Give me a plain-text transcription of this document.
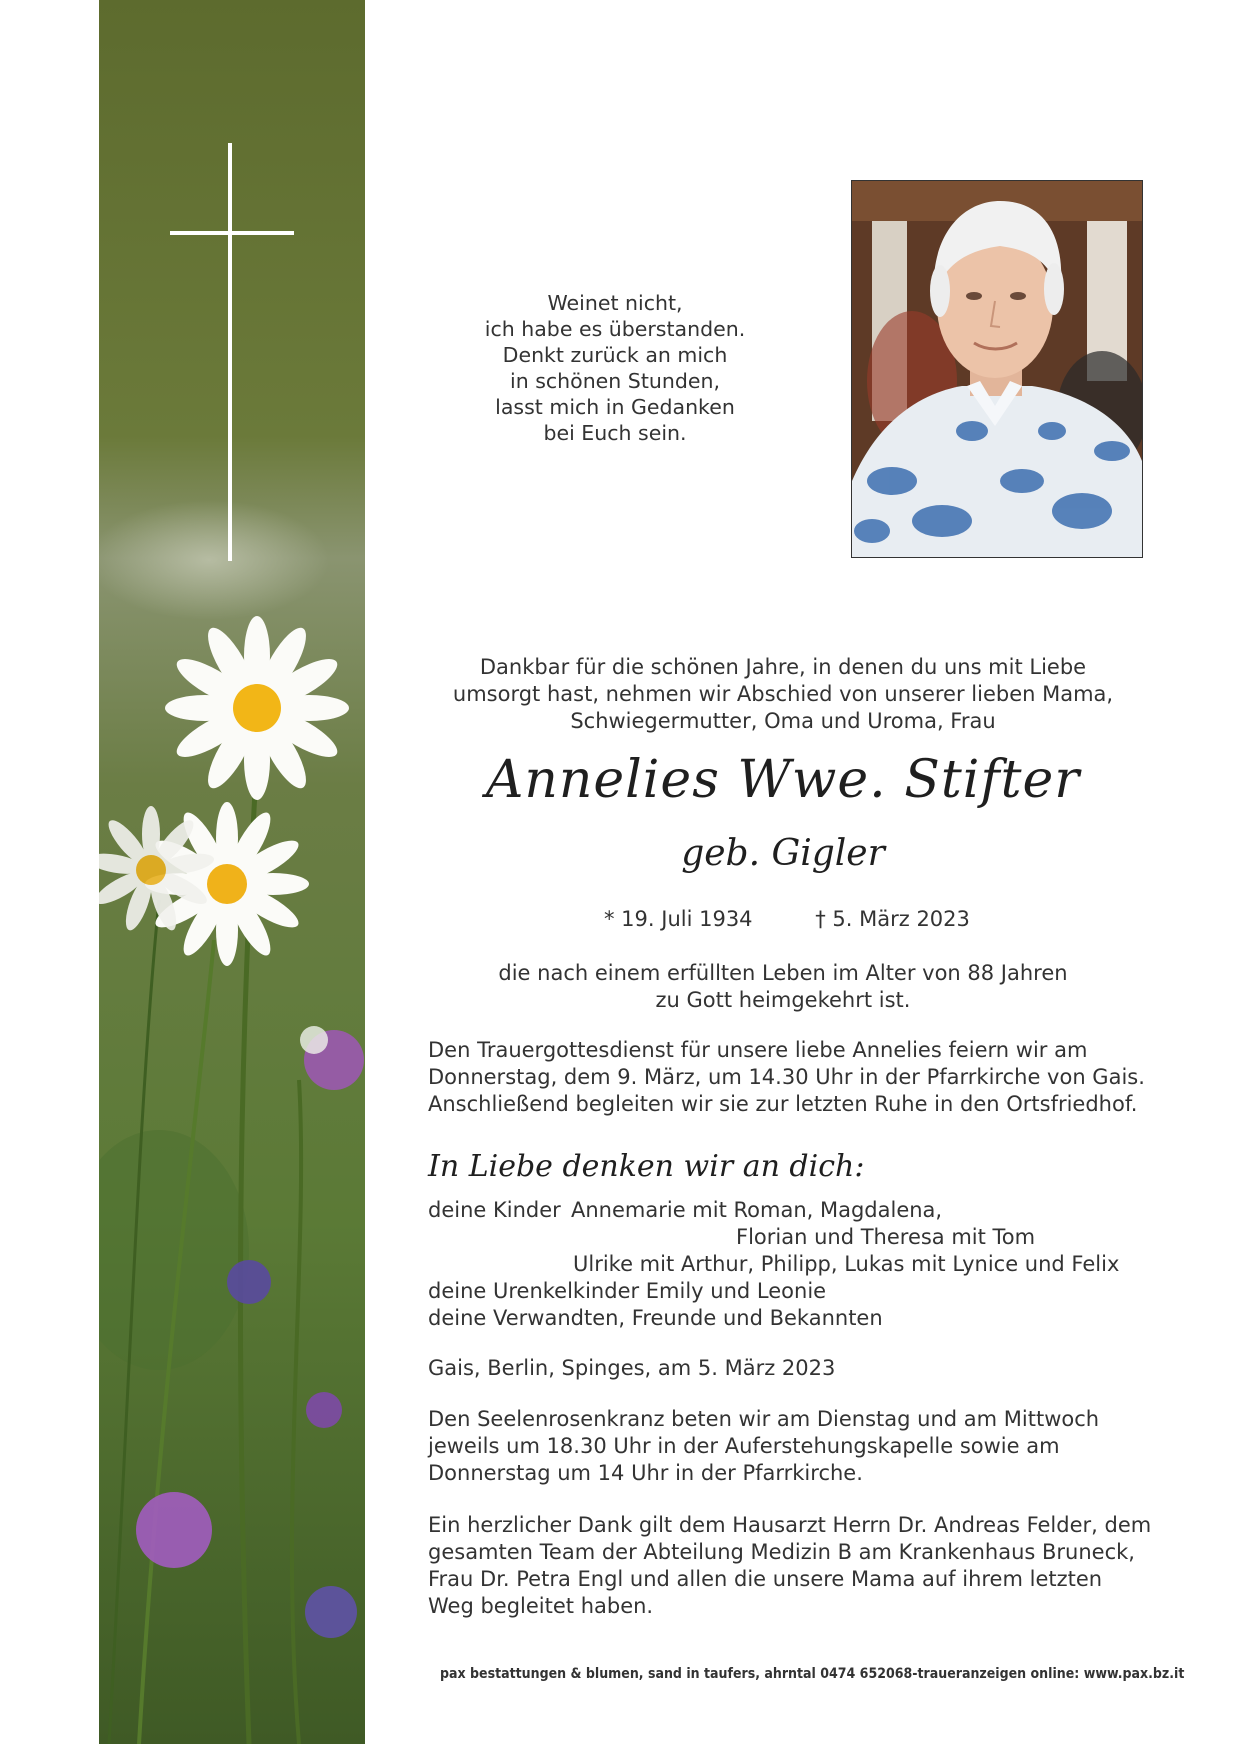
Weinet nicht,
ich habe es überstanden.
Denkt zurück an mich
in schönen Stunden,
lasst mich in Gedanken
bei Euch sein.
Dankbar für die schönen Jahre, in denen du uns mit Liebe
umsorgt hast, nehmen wir Abschied von unserer lieben Mama,
Schwiegermutter, Oma und Uroma, Frau
Annelies Wwe. Stifter
geb. Gigler
* 19. Juli 1934	† 5. März 2023
die nach einem erfüllten Leben im Alter von 88 Jahren
zu Gott heimgekehrt ist.
Den Trauergottesdienst für unsere liebe Annelies feiern wir am
Donnerstag, dem 9. März, um 14.30 Uhr in der Pfarrkirche von Gais.
Anschließend begleiten wir sie zur letzten Ruhe in den Ortsfriedhof.
In Liebe denken wir an dich:
deine Kinder Annemarie mit Roman, Magdalena,
Florian und Theresa mit Tom
Ulrike mit Arthur, Philipp, Lukas mit Lynice und Felix
deine Urenkelkinder Emily und Leonie
deine Verwandten, Freunde und Bekannten
Gais, Berlin, Spinges, am 5. März 2023
Den Seelenrosenkranz beten wir am Dienstag und am Mittwoch
jeweils um 18.30 Uhr in der Auferstehungskapelle sowie am
Donnerstag um 14 Uhr in der Pfarrkirche.
Ein herzlicher Dank gilt dem Hausarzt Herrn Dr. Andreas Felder, dem
gesamten Team der Abteilung Medizin B am Krankenhaus Bruneck,
Frau Dr. Petra Engl und allen die unsere Mama auf ihrem letzten
Weg begleitet haben.
pax bestattungen & blumen, sand in taufers, ahrntal 0474 652068-traueranzeigen online: www.pax.bz.it
